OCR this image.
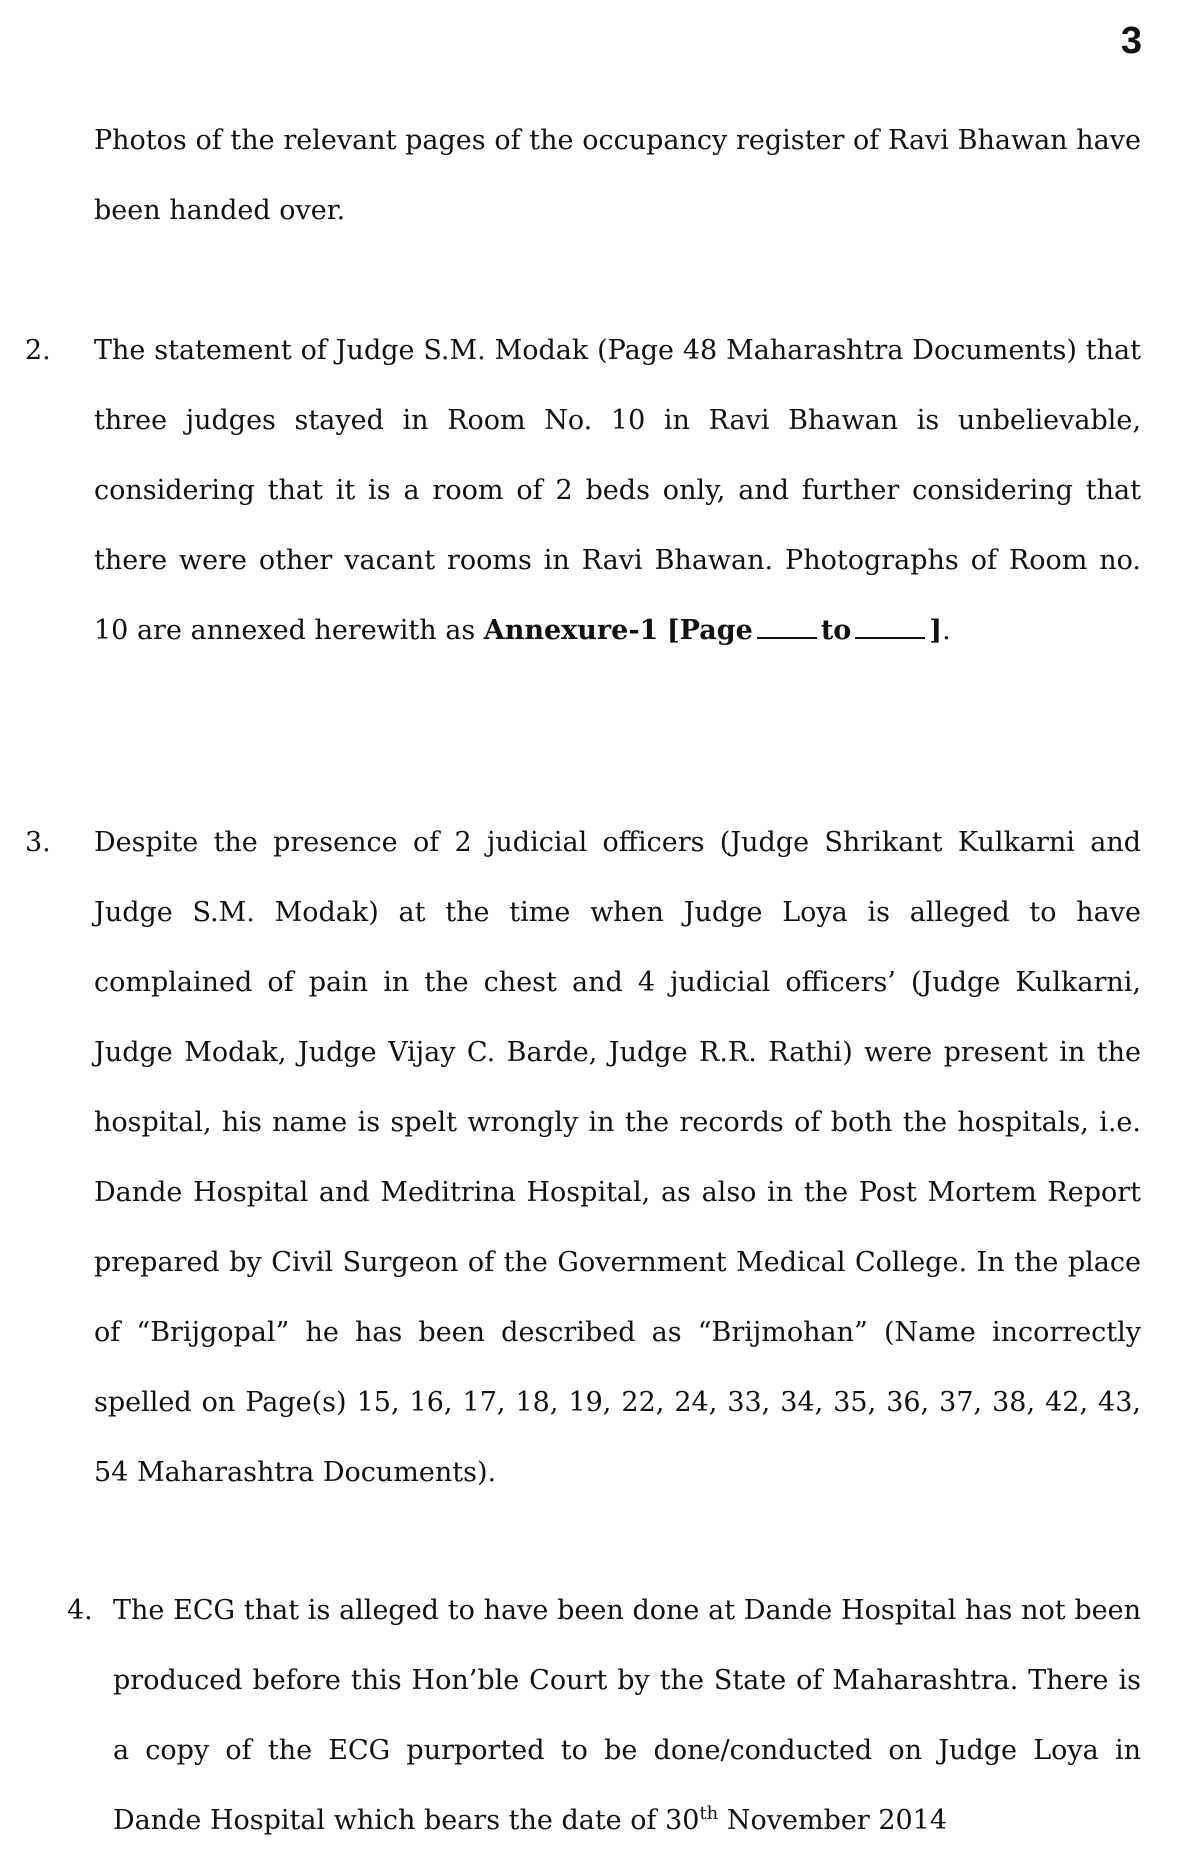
3

Photos of the relevant pages of the occupancy register of Ravi Bhawan have been handed over.

2. The statement of Judge S.M. Modak (Page 48 Maharashtra Documents) that three judges stayed in Room No. 10 in Ravi Bhawan is unbelievable, considering that it is a room of 2 beds only, and further considering that there were other vacant rooms in Ravi Bhawan. Photographs of Room no. 10 are annexed herewith as Annexure-1 [Page	to	].

3. Despite the presence of 2 judicial officers (Judge Shrikant Kulkarni and Judge S.M. Modak) at the time when Judge Loya is alleged to have complained of pain in the chest and 4 judicial officers’ (Judge Kulkarni, Judge Modak, Judge Vijay C. Barde, Judge R.R. Rathi) were present in the hospital, his name is spelt wrongly in the records of both the hospitals, i.e. Dande Hospital and Meditrina Hospital, as also in the Post Mortem Report prepared by Civil Surgeon of the Government Medical College. In the place of “Brijgopal” he has been described as “Brijmohan” (Name incorrectly spelled on Page(s) 15, 16, 17, 18, 19, 22, 24, 33, 34, 35, 36, 37, 38, 42, 43, 54 Maharashtra Documents).

4. The ECG that is alleged to have been done at Dande Hospital has not been produced before this Hon’ble Court by the State of Maharashtra. There is a copy of the ECG purported to be done/conducted on Judge Loya in Dande Hospital which bears the date of 30th November 2014
